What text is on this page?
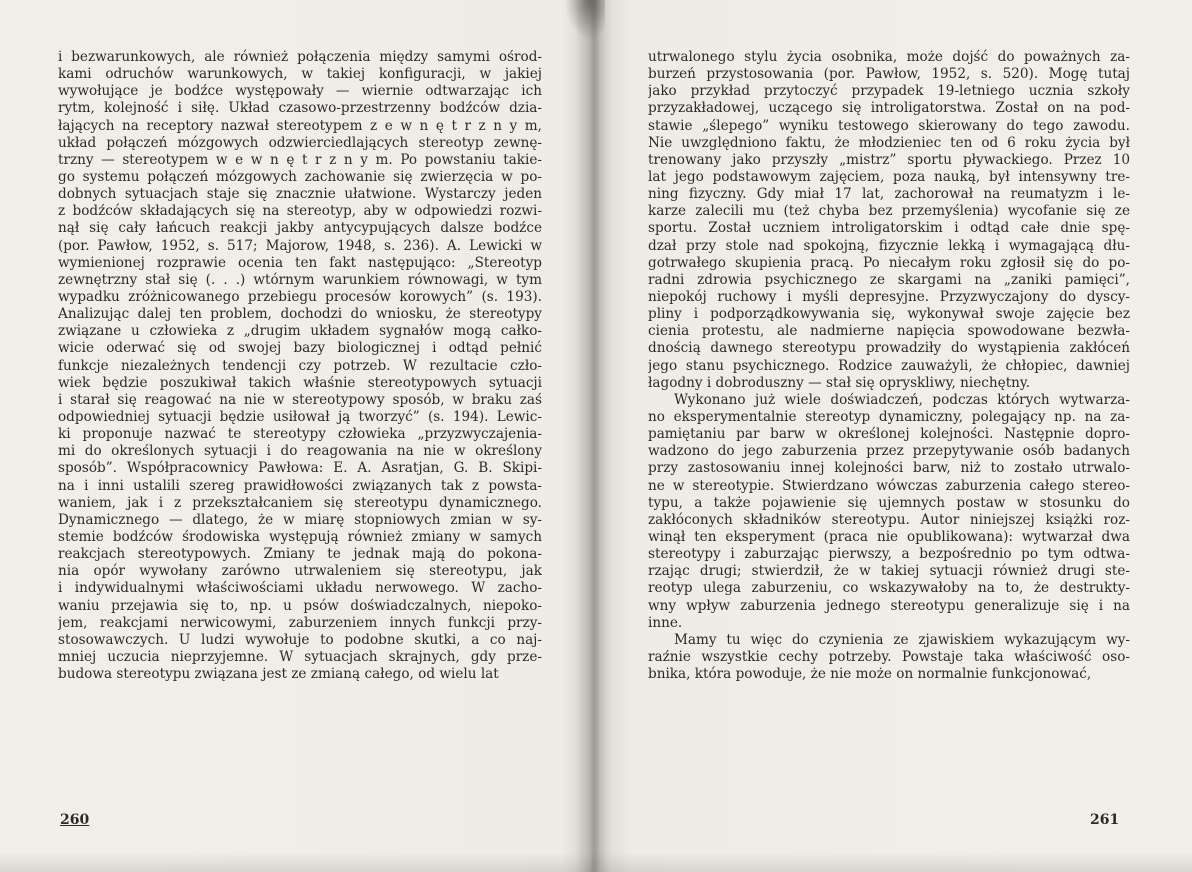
i bezwarunkowych, ale również połączenia między samymi ośrod-
kami odruchów warunkowych, w takiej konfiguracji, w jakiej
wywołujące je bodźce występowały — wiernie odtwarzając ich
rytm, kolejność i siłę. Układ czasowo-przestrzenny bodźców dzia-
łających na receptory nazwał stereotypem z e w n ę t r z n y m,
układ połączeń mózgowych odzwierciedlających stereotyp zewnę-
trzny — stereotypem w e w n ę t r z n y m. Po powstaniu takie-
go systemu połączeń mózgowych zachowanie się zwierzęcia w po-
dobnych sytuacjach staje się znacznie ułatwione. Wystarczy jeden
z bodźców składających się na stereotyp, aby w odpowiedzi rozwi-
nął się cały łańcuch reakcji jakby antycypujących dalsze bodźce
(por. Pawłow, 1952, s. 517; Majorow, 1948, s. 236). A. Lewicki w
wymienionej rozprawie ocenia ten fakt następująco: „Stereotyp
zewnętrzny stał się (. . .) wtórnym warunkiem równowagi, w tym
wypadku zróżnicowanego przebiegu procesów korowych” (s. 193).
Analizując dalej ten problem, dochodzi do wniosku, że stereotypy
związane u człowieka z „drugim układem sygnałów mogą całko-
wicie oderwać się od swojej bazy biologicznej i odtąd pełnić
funkcje niezależnych tendencji czy potrzeb. W rezultacie czło-
wiek będzie poszukiwał takich właśnie stereotypowych sytuacji
i starał się reagować na nie w stereotypowy sposób, w braku zaś
odpowiedniej sytuacji będzie usiłował ją tworzyć” (s. 194). Lewic-
ki proponuje nazwać te stereotypy człowieka „przyzwyczajenia-
mi do określonych sytuacji i do reagowania na nie w określony
sposób”. Współpracownicy Pawłowa: E. A. Asratjan, G. B. Skipi-
na i inni ustalili szereg prawidłowości związanych tak z powsta-
waniem, jak i z przekształcaniem się stereotypu dynamicznego.
Dynamicznego — dlatego, że w miarę stopniowych zmian w sy-
stemie bodźców środowiska występują również zmiany w samych
reakcjach stereotypowych. Zmiany te jednak mają do pokona-
nia opór wywołany zarówno utrwaleniem się stereotypu, jak
i indywidualnymi właściwościami układu nerwowego. W zacho-
waniu przejawia się to, np. u psów doświadczalnych, niepoko-
jem, reakcjami nerwicowymi, zaburzeniem innych funkcji przy-
stosowawczych. U ludzi wywołuje to podobne skutki, a co naj-
mniej uczucia nieprzyjemne. W sytuacjach skrajnych, gdy prze-
budowa stereotypu związana jest ze zmianą całego, od wielu lat
260
utrwalonego stylu życia osobnika, może dojść do poważnych za-
burzeń przystosowania (por. Pawłow, 1952, s. 520). Mogę tutaj
jako przykład przytoczyć przypadek 19-letniego ucznia szkoły
przyzakładowej, uczącego się introligatorstwa. Został on na pod-
stawie „ślepego” wyniku testowego skierowany do tego zawodu.
Nie uwzględniono faktu, że młodzieniec ten od 6 roku życia był
trenowany jako przyszły „mistrz” sportu pływackiego. Przez 10
lat jego podstawowym zajęciem, poza nauką, był intensywny tre-
ning fizyczny. Gdy miał 17 lat, zachorował na reumatyzm i le-
karze zalecili mu (też chyba bez przemyślenia) wycofanie się ze
sportu. Został uczniem introligatorskim i odtąd całe dnie spę-
dzał przy stole nad spokojną, fizycznie lekką i wymagającą dłu-
gotrwałego skupienia pracą. Po niecałym roku zgłosił się do po-
radni zdrowia psychicznego ze skargami na „zaniki pamięci”,
niepokój ruchowy i myśli depresyjne. Przyzwyczajony do dyscy-
pliny i podporządkowywania się, wykonywał swoje zajęcie bez
cienia protestu, ale nadmierne napięcia spowodowane bezwła-
dnością dawnego stereotypu prowadziły do wystąpienia zakłóceń
jego stanu psychicznego. Rodzice zauważyli, że chłopiec, dawniej
łagodny i dobroduszny — stał się opryskliwy, niechętny.
Wykonano już wiele doświadczeń, podczas których wytwarza-
no eksperymentalnie stereotyp dynamiczny, polegający np. na za-
pamiętaniu par barw w określonej kolejności. Następnie dopro-
wadzono do jego zaburzenia przez przepytywanie osób badanych
przy zastosowaniu innej kolejności barw, niż to zostało utrwalo-
ne w stereotypie. Stwierdzano wówczas zaburzenia całego stereo-
typu, a także pojawienie się ujemnych postaw w stosunku do
zakłóconych składników stereotypu. Autor niniejszej książki roz-
winął ten eksperyment (praca nie opublikowana): wytwarzał dwa
stereotypy i zaburzając pierwszy, a bezpośrednio po tym odtwa-
rzając drugi; stwierdził, że w takiej sytuacji również drugi ste-
reotyp ulega zaburzeniu, co wskazywałoby na to, że destrukty-
wny wpływ zaburzenia jednego stereotypu generalizuje się i na
inne.
Mamy tu więc do czynienia ze zjawiskiem wykazującym wy-
raźnie wszystkie cechy potrzeby. Powstaje taka właściwość oso-
bnika, która powoduje, że nie może on normalnie funkcjonować,
261
